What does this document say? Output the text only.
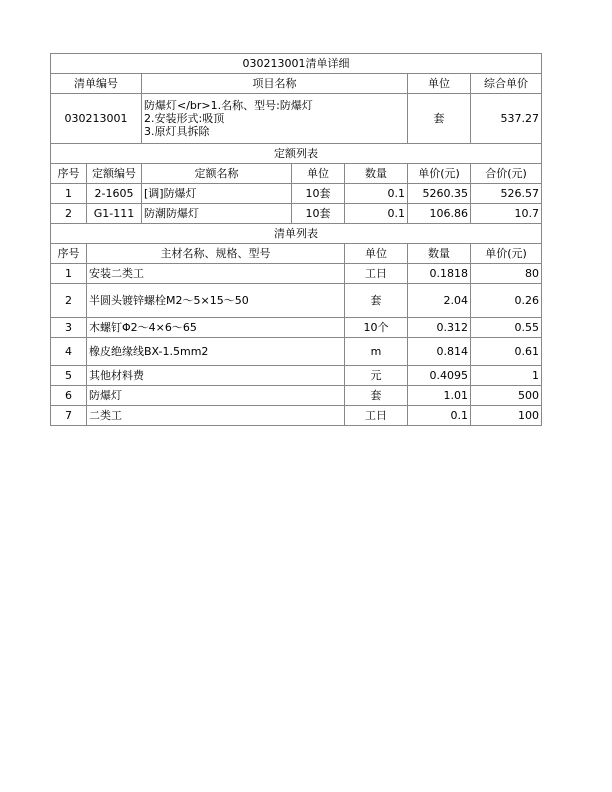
030213001清单详细							
清单编号		项目名称			单位	综合单价	
030213001		防爆灯</br>1.名称、型号:防爆灯
2.安装形式:吸顶
3.原灯具拆除			套	537.27	
定额列表							
序号	定额编号	定额名称	单位	数量	单价(元)	合价(元)	
1	2-1605	[调]防爆灯	10套	0.1	5260.35	526.57	
2	G1-111	防潮防爆灯	10套	0.1	106.86	10.7	
清单列表							
序号	主材名称、规格、型号			单位	数量	单价(元)	
1	安装二类工			工日	0.1818	80	
2	半圆头镀锌螺栓M2～5×15～50			套	2.04	0.26	
3	木螺钉Φ2～4×6～65			10个	0.312	0.55	
4	橡皮绝缘线BX-1.5mm2			m	0.814	0.61	
5	其他材料费			元	0.4095	1	
6	防爆灯			套	1.01	500	
7	二类工			工日	0.1	100	
